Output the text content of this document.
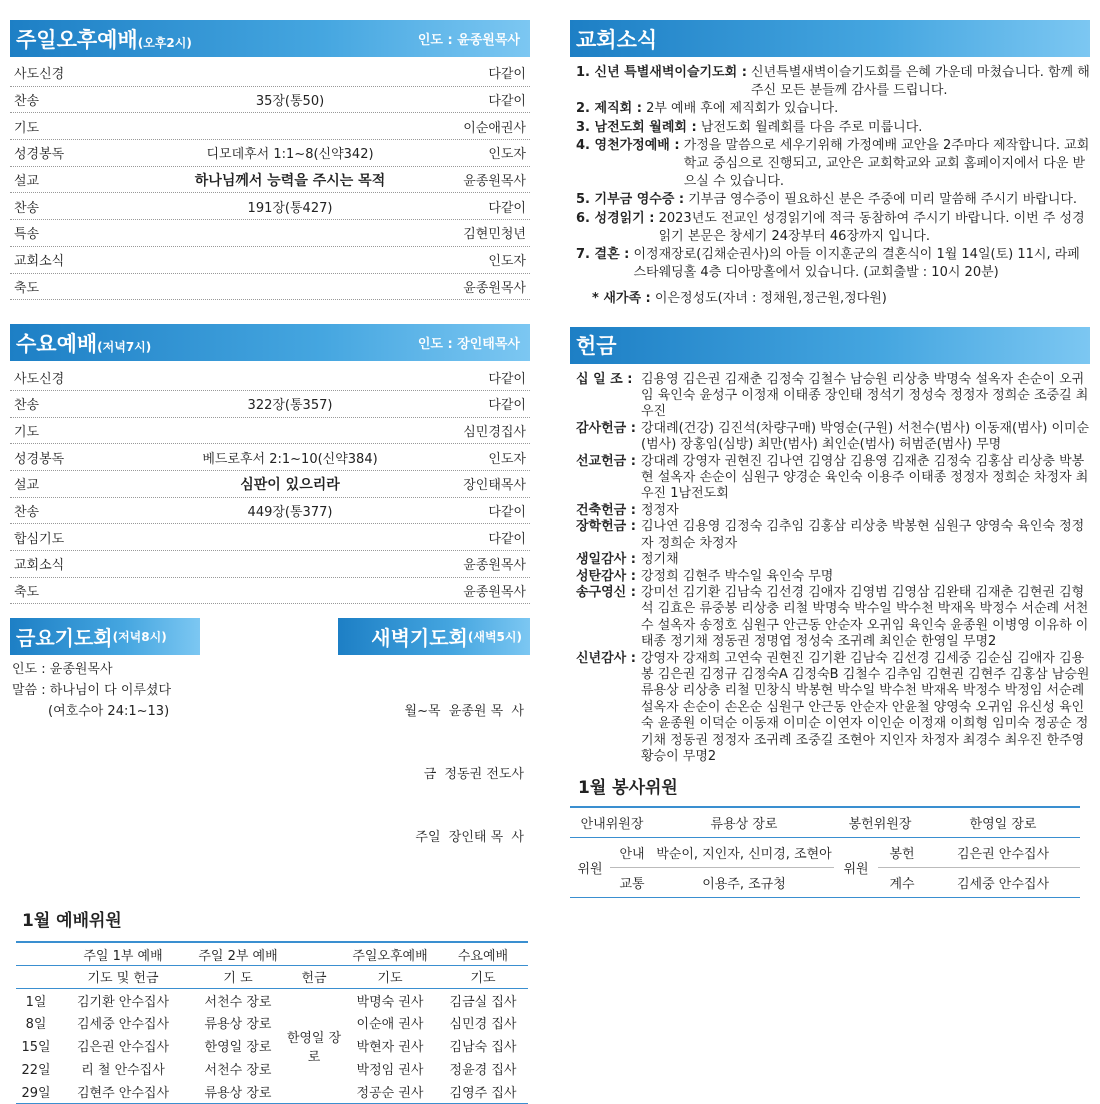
주일오후예배(오후2시)	인도 : 윤종원목사
사도신경	다같이
찬송	35장(통50)	다같이
기도	이순애권사
성경봉독	디모데후서 1:1~8(신약342)	인도자
설교	하나님께서 능력을 주시는 목적	윤종원목사
찬송	191장(통427)	다같이
특송	김현민청년
교회소식	인도자
축도	윤종원목사
수요예배(저녁7시)	인도 : 장인태목사
사도신경	다같이
찬송	322장(통357)	다같이
기도	심민경집사
성경봉독	베드로후서 2:1~10(신약384)	인도자
설교	심판이 있으리라	장인태목사
찬송	449장(통377)	다같이
합심기도	다같이
교회소식	윤종원목사
축도	윤종원목사
금요기도회 (저녁8시)
인도 : 윤종원목사
말씀 : 하나님이 다 이루셨다
(여호수아 24:1~13)
새벽기도회 (새벽5시)

월~목  윤종원 목  사

금  정동권 전도사

주일  장인태 목  사

1월 예배위원
	주일 1부 예배	주일 2부 예배		주일오후예배	수요예배
	기도 및 헌금	기 도	헌금	기도	기도
1일	김기환 안수집사	서천수 장로	한영일 장로	박명숙 권사	김금실 집사
8일	김세중 안수집사	류용상 장로		이순애 권사	심민경 집사
15일	김은권 안수집사	한영일 장로		박현자 권사	김남숙 집사
22일	리 철 안수집사	서천수 장로		박정임 권사	정윤경 집사
29일	김현주 안수집사	류용상 장로		정공순 권사	김영주 집사
교회소식
1. 신년 특별새벽이슬기도회 :
신년특별새벽이슬기도회를 은혜 가운데 마쳤습니다. 함께 해주신 모든 분들께 감사를 드립니다.
2. 제직회 :
2부 예배 후에 제직회가 있습니다.
3. 남전도회 월례회 :
남전도회 월례회를 다음 주로 미룹니다.
4. 영천가정예배 :
가정을 말씀으로 세우기위해 가정예배 교안을 2주마다 제작합니다. 교회학교 중심으로 진행되고, 교안은 교회학교와 교회 홈페이지에서 다운 받으실 수 있습니다.
5. 기부금 영수증 :
기부금 영수증이 필요하신 분은 주중에 미리 말씀해 주시기 바랍니다.
6. 성경읽기 :
2023년도 전교인 성경읽기에 적극 동참하여 주시기 바랍니다. 이번 주 성경 읽기 본문은 창세기 24장부터 46장까지 입니다.
7. 결혼 :
이정재장로(김채순권사)의 아들 이지훈군의 결혼식이 1월 14일(토) 11시, 라페스타웨딩홀 4층 디아망홀에서 있습니다. (교회출발 : 10시 20분)
* 새가족 :
이은정성도(자녀 : 정채원,정근원,정다원)
헌금
십 일 조 : 김용영 김은권 김재춘 김정숙 김철수 남승원 리상충 박명숙 설옥자 손순이 오귀임 육인숙 윤성구 이정재 이태종 장인태 정석기 정성숙 정정자 정희순 조중길 최우진
감사헌금 : 강대례(건강) 김진석(차량구매) 박영순(구원) 서천수(범사) 이동재(범사) 이미순(범사) 장홍임(심방) 최만(범사) 최인순(범사) 허범준(범사) 무명
선교헌금 : 강대례 강영자 권현진 김나연 김영삼 김용영 김재춘 김정숙 김홍삼 리상충 박봉현 설옥자 손순이 심원구 양경순 육인숙 이용주 이태종 정정자 정희순 차정자 최우진 1남전도회
건축헌금 : 정정자
장학헌금 : 김나연 김용영 김정숙 김추임 김홍삼 리상충 박봉현 심원구 양영숙 육인숙 정정자 정희순 차정자
생일감사 : 정기채
성탄감사 : 강정희 김현주 박수일 육인숙 무명
송구영신 : 강미선 김기환 김남숙 김선경 김애자 김영범 김영삼 김완태 김재춘 김현권 김형석 김효은 류중봉 리상충 리철 박명숙 박수일 박수천 박재옥 박정수 서순례 서천수 설옥자 송정호 심원구 안근동 안순자 오귀임 육인숙 윤종원 이병영 이유하 이태종 정기채 정동권 정명엽 정성숙 조귀례 최인순 한영일 무명2
신년감사 : 강영자 강재희 고연숙 권현진 김기환 김남숙 김선경 김세중 김순심 김애자 김용봉 김은권 김정규 김정숙A 김정숙B 김철수 김추임 김현권 김현주 김홍삼 남승원 류용상 리상충 리철 민창식 박봉현 박수일 박수천 박재옥 박정수 박정임 서순례 설옥자 손순이 손온순 심원구 안근동 안순자 안윤철 양영숙 오귀임 유신성 육인숙 윤종원 이덕순 이동재 이미순 이연자 이인순 이정재 이희형 임미숙 정공순 정기채 정동권 정정자 조귀례 조중길 조현아 지인자 차정자 최경수 최우진 한주영 황승이 무명2
1월 봉사위원
안내위원장		류용상 장로	봉헌위원장		한영일 장로
위원	안내	박순이, 지인자, 신미경, 조현아	위원	봉헌	김은권 안수집사
	교통	이용주, 조규청		계수	김세중 안수집사
